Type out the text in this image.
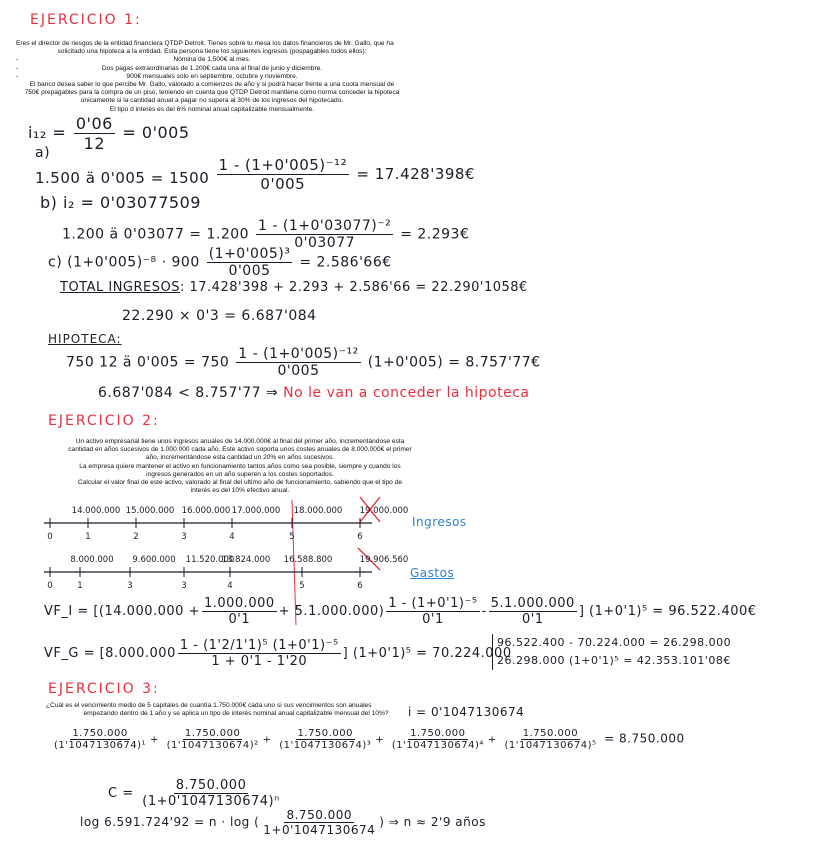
EJERCICIO 1:
Eres el director de riesgos de la entidad financiera QTDP Detroit. Tienes sobre tu mesa los datos financieros de Mr. Gallo, que ha
solicitado una hipoteca a la entidad. Esta persona tiene los siguientes ingresos (pospagables todos ellos):
-	Nómina de 1.500€ al mes.
-	Dos pagas extraordinarias de 1.200€ cada una al final de junio y diciembre.
-	900€ mensuales solo en septiembre, octubre y noviembre.
El banco desea saber lo que percibe Mr. Gallo, valorado a comienzos de año y si podrá hacer frente a una cuota mensual de
750€ prepagables para la compra de un piso, teniendo en cuenta que QTDP Detroit mantiene como norma conceder la hipoteca
únicamente si la cantidad anual a pagar no supera al 30% de los ingresos del hipotecado.
El tipo d interés es del 6% nominal anual capitalizable mensualmente.
$i_{12} = \frac{0'06}{12} = 0'005$
a)
1.500 ä $0'005 = 1500 \frac{\text{1 - (1+0'005)⁻¹²}}{0'005}$ = 17.428'398€
b) i₂ = 0'03077509
1.200 ä $0'03077 = 1.200 \frac{\text{1 - (1+0'03077)⁻²}}{0'03077}$ = 2.293€
c) $(1+0'005)^{-8} \cdot 900 \frac{\text{(1+0'005)³}}{0'005}$ = 2.586'66€
TOTAL INGRESOS: 17.428'398 + 2.293 + 2.586'66 = 22.290'1058€
22.290 × 0'3 = 6.687'084
HIPOTECA:
750 12 ä $0'005 = 750 \frac{\text{1 - (1+0'005)⁻¹²}}{0'005} (1+0'005)$ = 8.757'77€
6.687'084 < 8.757'77 ⇒ No le van a conceder la hipoteca
EJERCICIO 2:
Un activo empresarial tiene unos ingresos anuales de 14.000.000€ al final del primer año, incrementándose esta
cantidad en años sucesivos de 1.000.000 cada año. Este activo soporta unos costes anuales de 8.000.000€ el primer
año, incrementándose esta cantidad un 20% en años sucesivos.
La empresa quiere mantener el activo en funcionamiento tantos años como sea posible, siempre y cuando los
ingresos generados en un año superen a los costes soportados.
Calcular el valor final de este activo, valorado al final del ultimo año de funcionamiento, sabiendo que el tipo de
interés es del 10% efectivo anual.
0	1	2	3	4	5	6
14.000.000 15.000.000 16.000.000 17.000.000 18.000.000 19.000.000
0	1	3	3	4	5	6
8.000.000 9.600.000 11.520.000
13.824.000 16.588.800	19.906.560
Ingresos
Gastos
VF_I = [$(14.000.000 + \frac{1.000.000}{0'1} + 5.1.000.000) \frac{\text{1 - (1+0'1)⁻⁵}}{0'1} - \frac{5.1.000.000}{0'1}$ ] (1+0'1)⁵ = 96.522.400€
VF_G = [$8.000.000 \frac{\text{1 - (1'2/1'1)⁵ (1+0'1)⁻⁵}}{1 + 0'1 - 1'20}$ ] (1+0'1)⁵ = 70.224.000
96.522.400 - 70.224.000 = 26.298.000
26.298.000 (1+0'1)⁵ = 42.353.101'08€
EJERCICIO 3:
¿Cuál es el vencimiento medio de 5 capitales de cuantía 1.750.000€ cada uno si sus vencimientos son anuales
empezando dentro de 1 año y se aplica un tipo de interés nominal anual capitalizable mensual del 10%?	i = 0'1047130674
$\frac{1.750.000}{\text{(1'1047130674)¹}} + \frac{1.750.000}{\text{(1'1047130674)²}} + \frac{1.750.000}{\text{(1'1047130674)³}} + \frac{1.750.000}{\text{(1'1047130674)⁴}} + \frac{1.750.000}{\text{(1'1047130674)⁵}} = 8.750.000$
$C = \frac{8.750.000}{\text{(1+0'1047130674)ⁿ}}$
log 6.591.724'92 = n · log ( $\frac{8.750.000}{1+0'1047130674}$ ) ⇒ n ≈ 2'9 años
